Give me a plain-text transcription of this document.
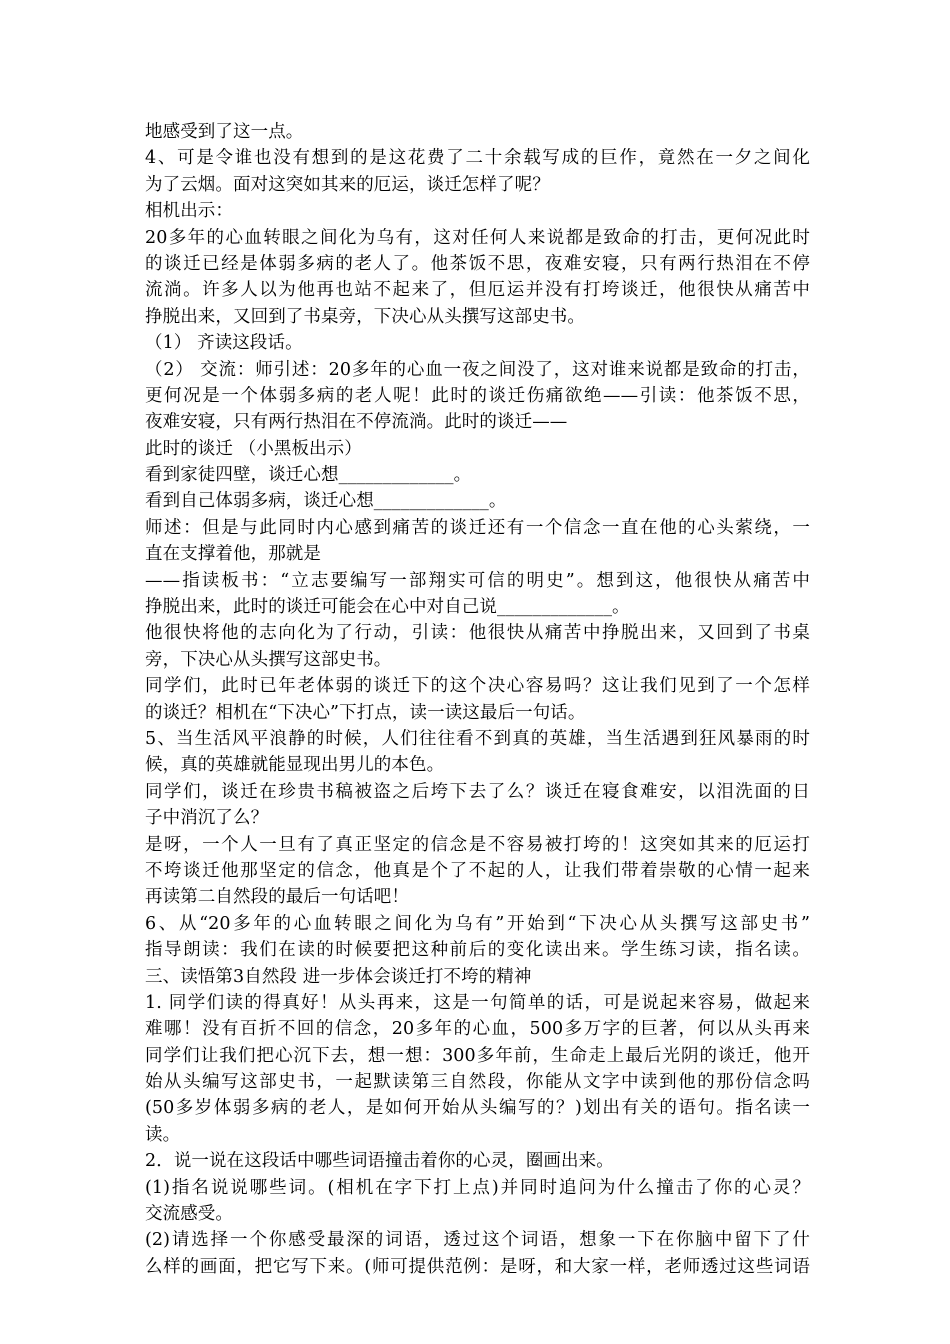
地感受到了这一点。
4、可是令谁也没有想到的是这花费了二十余载写成的巨作，竟然在一夕之间化
为了云烟。面对这突如其来的厄运，谈迁怎样了呢？
相机出示：
20多年的心血转眼之间化为乌有，这对任何人来说都是致命的打击，更何况此时
的谈迁已经是体弱多病的老人了。他茶饭不思，夜难安寝，只有两行热泪在不停
流淌。许多人以为他再也站不起来了，但厄运并没有打垮谈迁，他很快从痛苦中
挣脱出来，又回到了书桌旁，下决心从头撰写这部史书。
（1） 齐读这段话。
（2） 交流：师引述：20多年的心血一夜之间没了，这对谁来说都是致命的打击，
更何况是一个体弱多病的老人呢！此时的谈迁伤痛欲绝——引读：他茶饭不思，
夜难安寝，只有两行热泪在不停流淌。此时的谈迁——
此时的谈迁 （小黑板出示）
看到家徒四壁，谈迁心想_____________。
看到自己体弱多病，谈迁心想_____________。
师述：但是与此同时内心感到痛苦的谈迁还有一个信念一直在他的心头萦绕，一
直在支撑着他，那就是
——指读板书：“立志要编写一部翔实可信的明史”。想到这，他很快从痛苦中
挣脱出来，此时的谈迁可能会在心中对自己说_____________。
他很快将他的志向化为了行动，引读：他很快从痛苦中挣脱出来，又回到了书桌
旁，下决心从头撰写这部史书。
同学们，此时已年老体弱的谈迁下的这个决心容易吗？这让我们见到了一个怎样
的谈迁？相机在“下决心”下打点，读一读这最后一句话。
5、当生活风平浪静的时候，人们往往看不到真的英雄，当生活遇到狂风暴雨的时
候，真的英雄就能显现出男儿的本色。
同学们，谈迁在珍贵书稿被盗之后垮下去了么？谈迁在寝食难安，以泪洗面的日
子中消沉了么？
是呀，一个人一旦有了真正坚定的信念是不容易被打垮的！这突如其来的厄运打
不垮谈迁他那坚定的信念，他真是个了不起的人，让我们带着崇敬的心情一起来
再读第二自然段的最后一句话吧！
6、从“20多年的心血转眼之间化为乌有”开始到“下决心从头撰写这部史书”
指导朗读：我们在读的时候要把这种前后的变化读出来。学生练习读，指名读。
三、读悟第3自然段 进一步体会谈迁打不垮的精神
1. 同学们读的得真好！从头再来，这是一句简单的话，可是说起来容易，做起来
难哪！没有百折不回的信念，20多年的心血，500多万字的巨著，何以从头再来
同学们让我们把心沉下去，想一想：300多年前，生命走上最后光阴的谈迁，他开
始从头编写这部史书，一起默读第三自然段，你能从文字中读到他的那份信念吗
(50多岁体弱多病的老人，是如何开始从头编写的？)划出有关的语句。指名读一
读。
2．说一说在这段话中哪些词语撞击着你的心灵，圈画出来。
(1)指名说说哪些词。(相机在字下打上点)并同时追问为什么撞击了你的心灵？
交流感受。
(2)请选择一个你感受最深的词语，透过这个词语，想象一下在你脑中留下了什
么样的画面，把它写下来。(师可提供范例：是呀，和大家一样，老师透过这些词语
